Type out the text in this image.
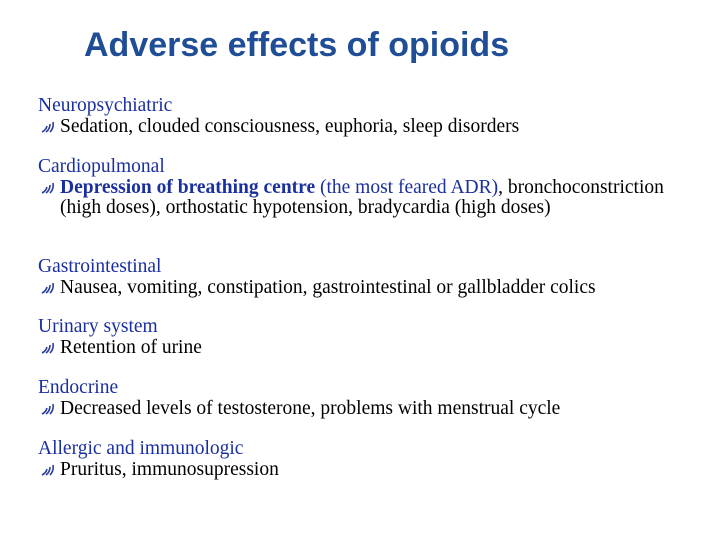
Adverse effects of opioids
Neuropsychiatric
Sedation, clouded consciousness, euphoria, sleep disorders
Cardiopulmonal
Depression of breathing centre (the most feared ADR), bronchoconstriction (high doses), orthostatic hypotension, bradycardia (high doses)
Gastrointestinal
Nausea, vomiting, constipation, gastrointestinal or gallbladder colics
Urinary system
Retention of urine
Endocrine
Decreased levels of testosterone, problems with menstrual cycle
Allergic and immunologic
Pruritus, immunosupression
